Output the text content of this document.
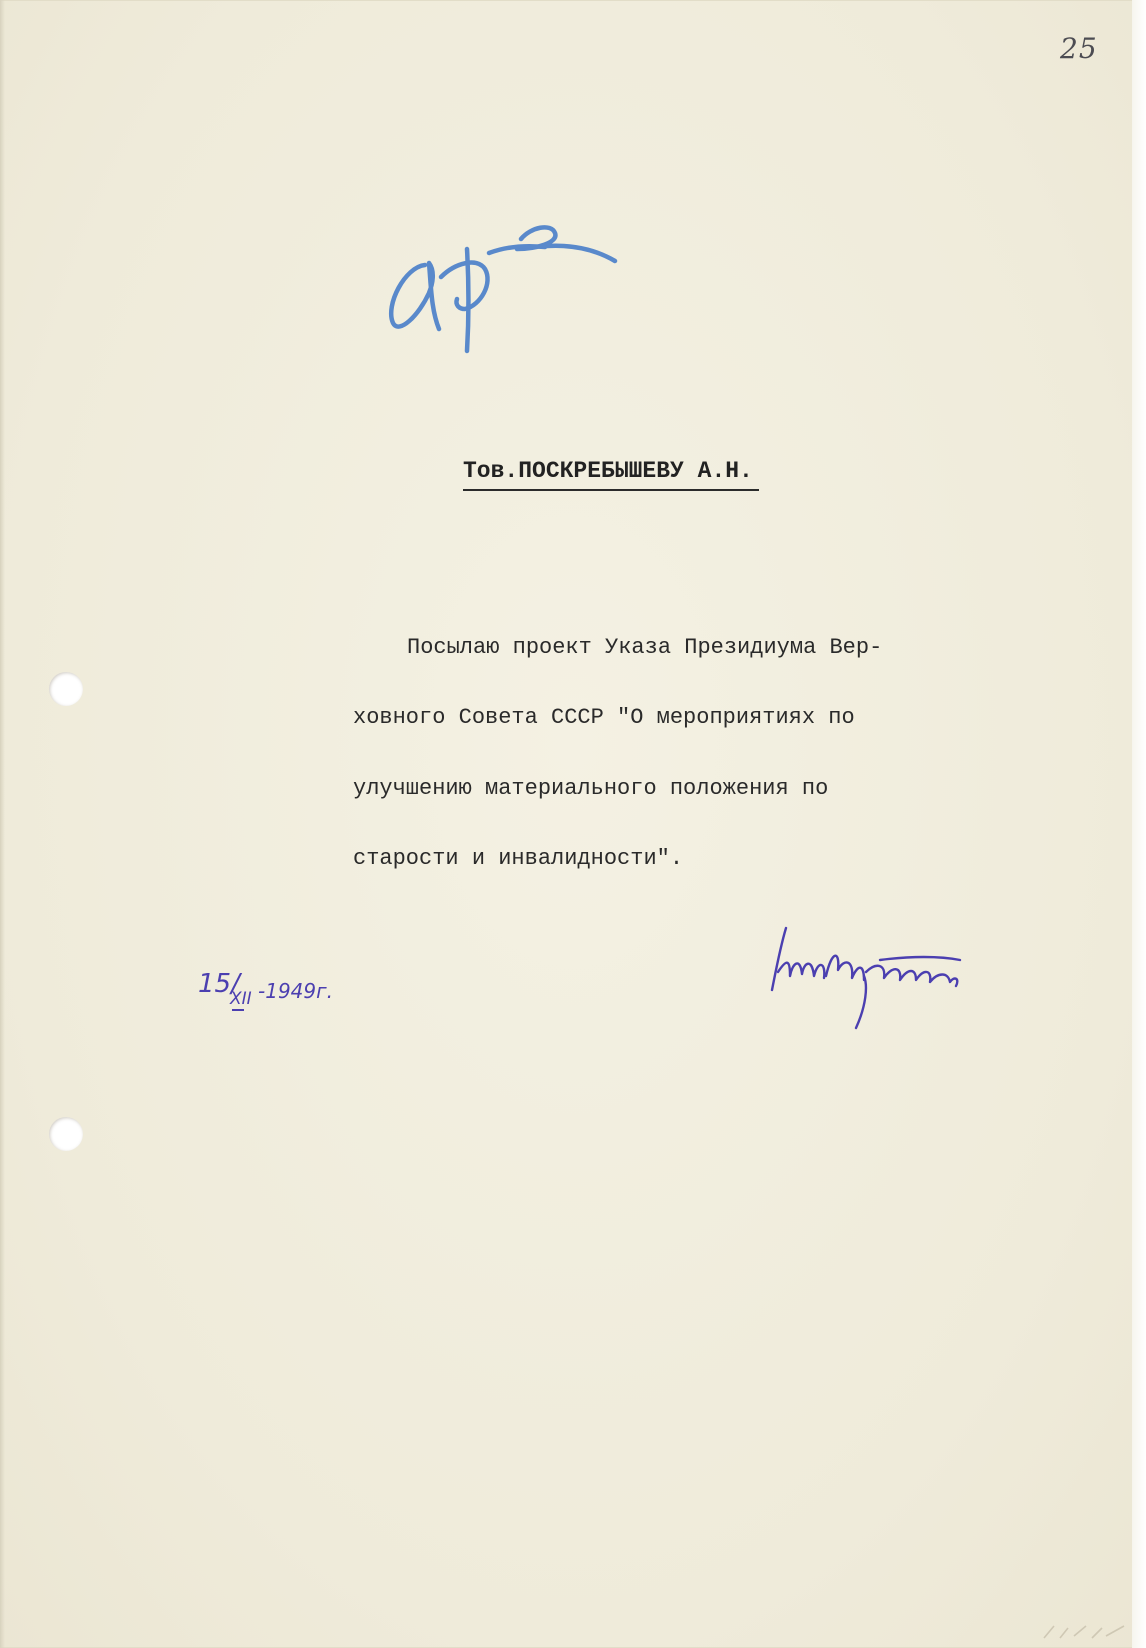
25
Тов.ПОСКРЕБЫШЕВУ А.Н.
Посылаю проект Указа Президиума Вер-
ховного Совета СССР "О мероприятиях по
улучшению материального положения по
старости и инвалидности".
15/
XII -1949г.
Шверник
